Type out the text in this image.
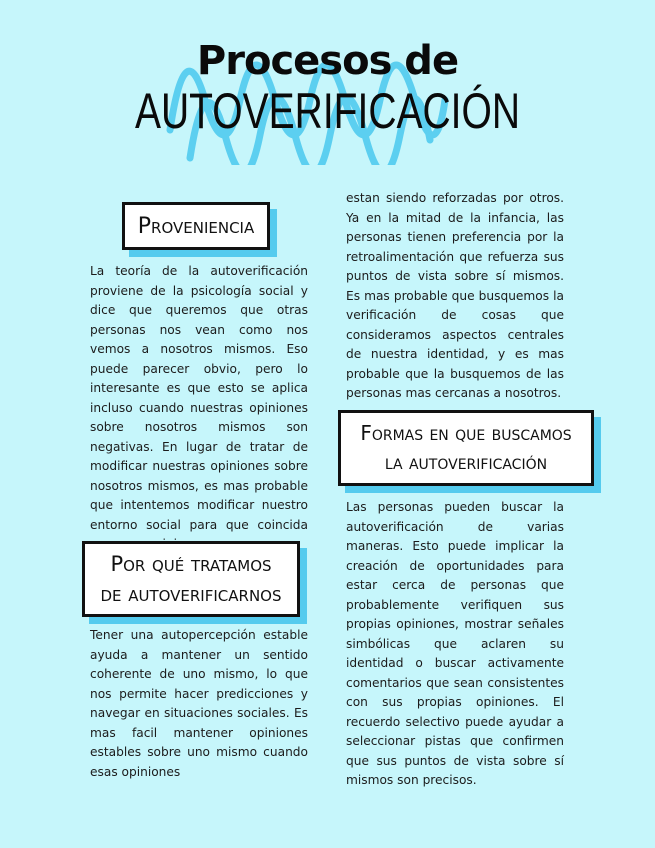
Procesos de
AUTOVERIFICACIÓN
Proveniencia

La teoría de la autoverificación proviene de la psicología social y dice que queremos que otras personas nos vean como nos vemos a nosotros mismos. Eso puede parecer obvio, pero lo interesante es que esto se aplica incluso cuando nuestras opiniones sobre nosotros mismos son negativas. En lugar de tratar de modificar nuestras opiniones sobre nosotros mismos, es mas probable que intentemos modificar nuestro entorno social para que coincida

Por qué tratamos
de autoverificarnos

Tener una autopercepción estable ayuda a mantener un sentido coherente de uno mismo, lo que nos permite hacer predicciones y navegar en situaciones sociales. Es mas facil mantener opiniones estables sobre uno mismo cuando esas opiniones

estan siendo reforzadas por otros. Ya en la mitad de la infancia, las personas tienen preferencia por la retroalimentación que refuerza sus puntos de vista sobre sí mismos. Es mas probable que busquemos la verificación de cosas que consideramos aspectos centrales de nuestra identidad, y es mas probable que la busquemos de las personas mas cercanas a nosotros.

Formas en que buscamos
la autoverificación

Las personas pueden buscar la autoverificación de varias maneras. Esto puede implicar la creación de oportunidades para estar cerca de personas que probablemente verifiquen sus propias opiniones, mostrar señales simbólicas que aclaren su identidad o buscar activamente comentarios que sean consistentes con sus propias opiniones. El recuerdo selectivo puede ayudar a seleccionar pistas que confirmen que sus puntos de vista sobre sí mismos son precisos.
